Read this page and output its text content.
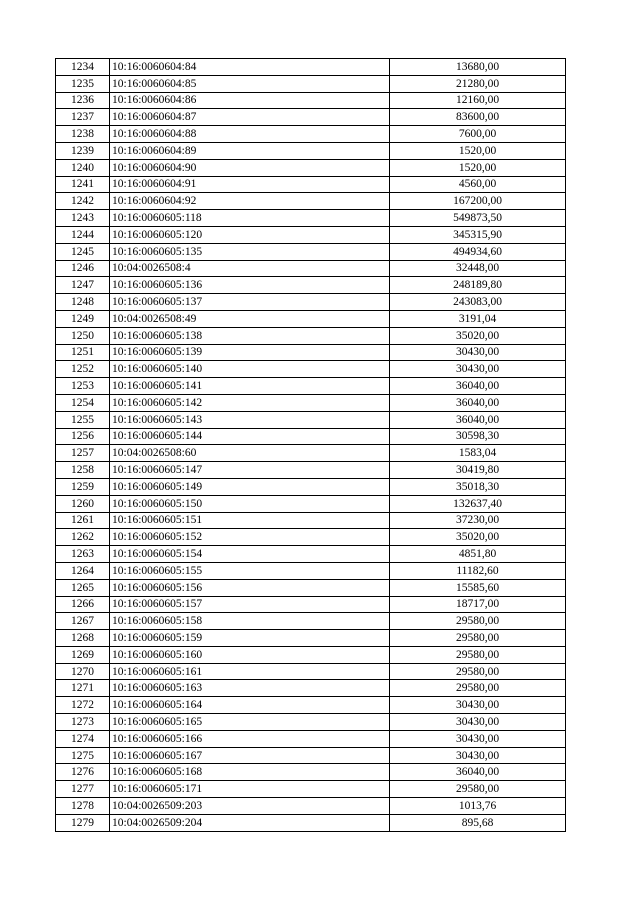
1234	10:16:0060604:84	13680,00
1235	10:16:0060604:85	21280,00
1236	10:16:0060604:86	12160,00
1237	10:16:0060604:87	83600,00
1238	10:16:0060604:88	7600,00
1239	10:16:0060604:89	1520,00
1240	10:16:0060604:90	1520,00
1241	10:16:0060604:91	4560,00
1242	10:16:0060604:92	167200,00
1243	10:16:0060605:118	549873,50
1244	10:16:0060605:120	345315,90
1245	10:16:0060605:135	494934,60
1246	10:04:0026508:4	32448,00
1247	10:16:0060605:136	248189,80
1248	10:16:0060605:137	243083,00
1249	10:04:0026508:49	3191,04
1250	10:16:0060605:138	35020,00
1251	10:16:0060605:139	30430,00
1252	10:16:0060605:140	30430,00
1253	10:16:0060605:141	36040,00
1254	10:16:0060605:142	36040,00
1255	10:16:0060605:143	36040,00
1256	10:16:0060605:144	30598,30
1257	10:04:0026508:60	1583,04
1258	10:16:0060605:147	30419,80
1259	10:16:0060605:149	35018,30
1260	10:16:0060605:150	132637,40
1261	10:16:0060605:151	37230,00
1262	10:16:0060605:152	35020,00
1263	10:16:0060605:154	4851,80
1264	10:16:0060605:155	11182,60
1265	10:16:0060605:156	15585,60
1266	10:16:0060605:157	18717,00
1267	10:16:0060605:158	29580,00
1268	10:16:0060605:159	29580,00
1269	10:16:0060605:160	29580,00
1270	10:16:0060605:161	29580,00
1271	10:16:0060605:163	29580,00
1272	10:16:0060605:164	30430,00
1273	10:16:0060605:165	30430,00
1274	10:16:0060605:166	30430,00
1275	10:16:0060605:167	30430,00
1276	10:16:0060605:168	36040,00
1277	10:16:0060605:171	29580,00
1278	10:04:0026509:203	1013,76
1279	10:04:0026509:204	895,68
